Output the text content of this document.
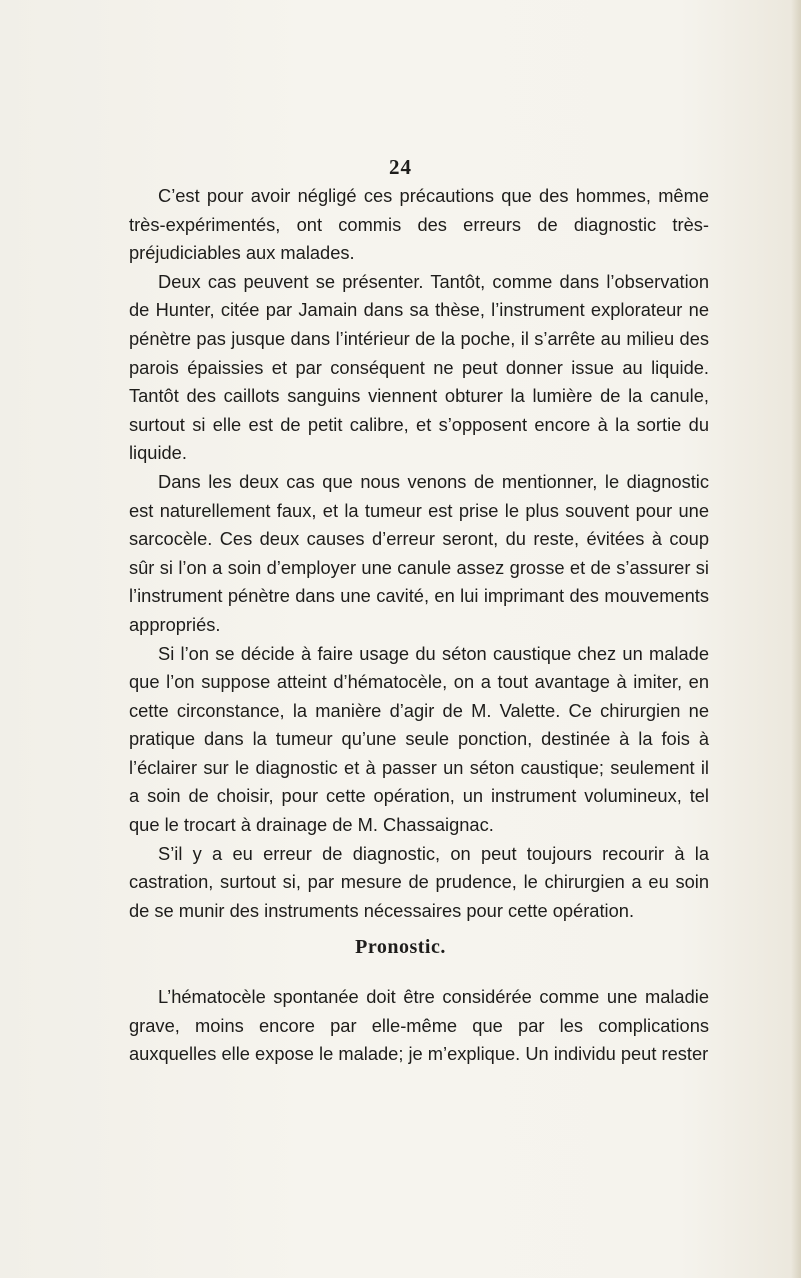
24

C’est pour avoir négligé ces précautions que des hommes, même très-expérimentés, ont commis des erreurs de diagnostic très-préjudiciables aux malades.

Deux cas peuvent se présenter. Tantôt, comme dans l’observation de Hunter, citée par Jamain dans sa thèse, l’instrument explorateur ne pénètre pas jusque dans l’intérieur de la poche, il s’arrête au milieu des parois épaissies et par conséquent ne peut donner issue au liquide. Tantôt des caillots sanguins viennent obturer la lumière de la canule, surtout si elle est de petit calibre, et s’opposent encore à la sortie du liquide.

Dans les deux cas que nous venons de mentionner, le diagnostic est naturellement faux, et la tumeur est prise le plus souvent pour une sarcocèle. Ces deux causes d’erreur seront, du reste, évitées à coup sûr si l’on a soin d’employer une canule assez grosse et de s’assurer si l’instrument pénètre dans une cavité, en lui imprimant des mouvements appropriés.

Si l’on se décide à faire usage du séton caustique chez un malade que l’on suppose atteint d’hématocèle, on a tout avantage à imiter, en cette circonstance, la manière d’agir de M. Valette. Ce chirurgien ne pratique dans la tumeur qu’une seule ponction, destinée à la fois à l’éclairer sur le diagnostic et à passer un séton caustique; seulement il a soin de choisir, pour cette opération, un instrument volumineux, tel que le trocart à drainage de M. Chassaignac.

S’il y a eu erreur de diagnostic, on peut toujours recourir à la castration, surtout si, par mesure de prudence, le chirurgien a eu soin de se munir des instruments nécessaires pour cette opération.

Pronostic.

L’hématocèle spontanée doit être considérée comme une maladie grave, moins encore par elle-même que par les complications auxquelles elle expose le malade; je m’explique. Un individu peut rester
